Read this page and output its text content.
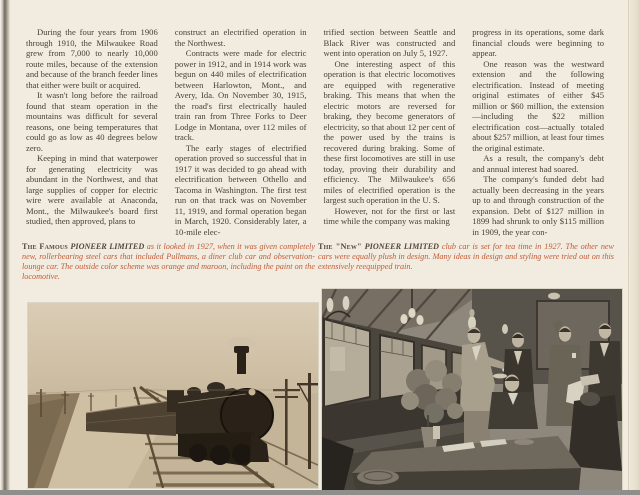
During the four years from 1906 through 1910, the Milwaukee Road grew from 7,000 to nearly 10,000 route miles, because of the extension and because of the branch feeder lines that either were built or acquired.

It wasn't long before the railroad found that steam operation in the mountains was difficult for several reasons, one being temperatures that could go as low as 40 degrees below zero.

Keeping in mind that waterpower for generating electricity was abundant in the Northwest, and that large supplies of copper for electric wire were available at Anaconda, Mont., the Milwaukee's board first studied, then approved, plans to

construct an electrified operation in the Northwest.

Contracts were made for electric power in 1912, and in 1914 work was begun on 440 miles of electrification between Harlowton, Mont., and Avery, Ida. On November 30, 1915, the road's first electrically hauled train ran from Three Forks to Deer Lodge in Montana, over 112 miles of track.

The early stages of electrified operation proved so successful that in 1917 it was decided to go ahead with electrification between Othello and Tacoma in Washington. The first test run on that track was on November 11, 1919, and formal operation began in March, 1920. Considerably later, a 10-mile elec-

trified section between Seattle and Black River was constructed and went into operation on July 5, 1927.

One interesting aspect of this operation is that electric locomotives are equipped with regenerative braking. This means that when the electric motors are reversed for braking, they become generators of electricity, so that about 12 per cent of the power used by the trains is recovered during braking. Some of these first locomotives are still in use today, proving their durability and efficiency. The Milwaukee's 656 miles of electrified operation is the largest such operation in the U. S.

However, not for the first or last time while the company was making

progress in its operations, some dark financial clouds were beginning to appear.

One reason was the westward extension and the following electrification. Instead of meeting original estimates of either $45 million or $60 million, the extension—including the $22 million electrification cost—actually totaled about $257 million, at least four times the original estimate.

As a result, the company's debt and annual interest had soared.

The company's funded debt had actually been decreasing in the years up to and through construction of the expansion. Debt of $127 million in 1899 had shrunk to only $115 million in 1909, the year con-

The Famous PIONEER LIMITED as it looked in 1927, when it was given completely new, rollerbearing steel cars that included Pullmans, a diner club car and observation-lounge car. The outside color scheme was orange and maroon, including the paint on the locomotive.
The "New" PIONEER LIMITED club car is set for tea time in 1927. The other new cars were equally plush in design. Many ideas in design and styling were tried out on this extensively reequipped train.
